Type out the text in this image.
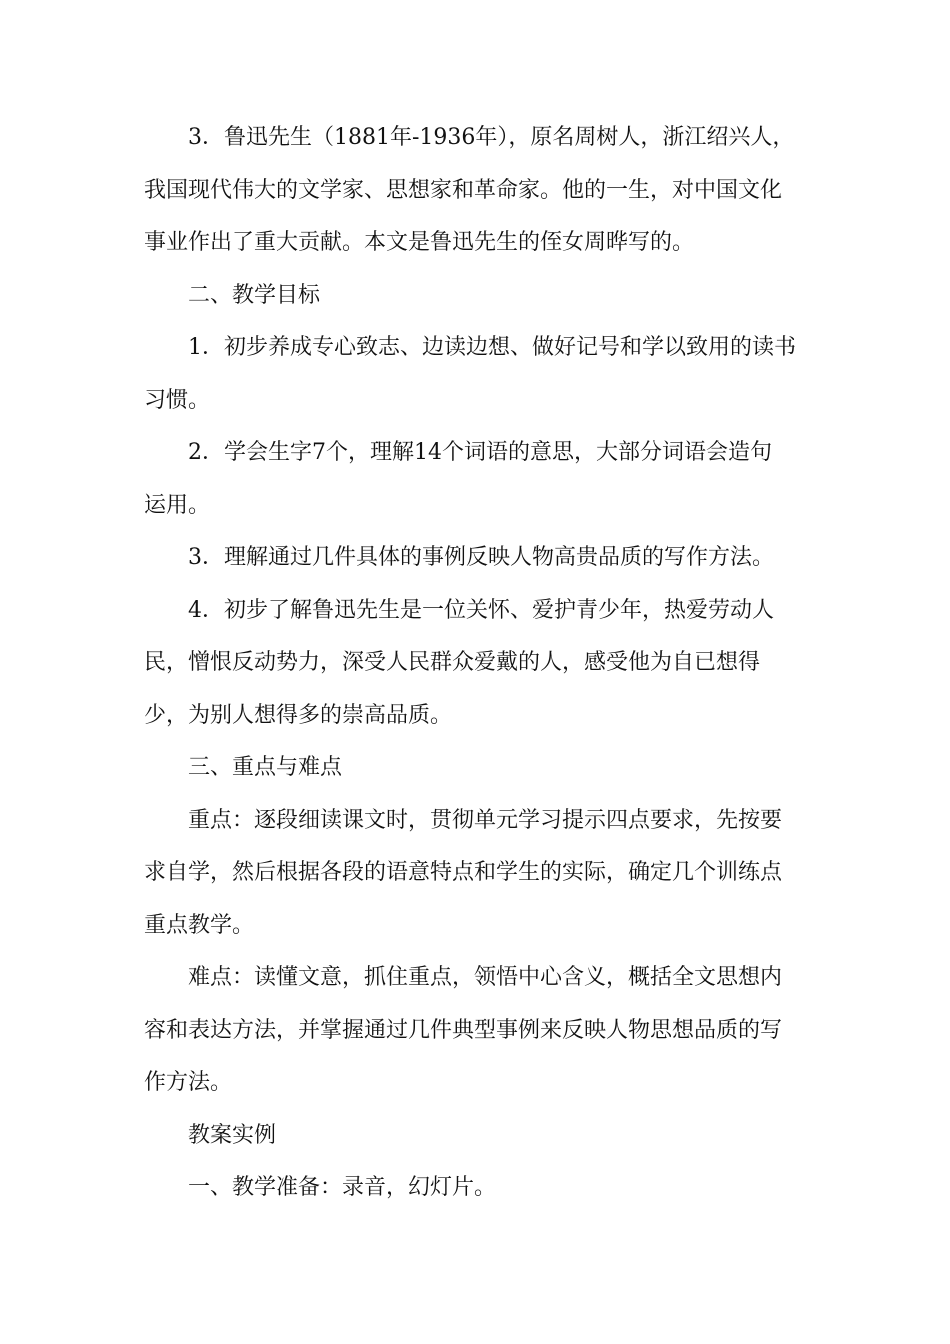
3．鲁迅先生（1881年-1936年），原名周树人，浙江绍兴人，
我国现代伟大的文学家、思想家和革命家。他的一生，对中国文化
事业作出了重大贡献。本文是鲁迅先生的侄女周晔写的。

二、教学目标

1．初步养成专心致志、边读边想、做好记号和学以致用的读书
习惯。

2．学会生字7个，理解14个词语的意思，大部分词语会造句
运用。

3．理解通过几件具体的事例反映人物高贵品质的写作方法。

4．初步了解鲁迅先生是一位关怀、爱护青少年，热爱劳动人
民，憎恨反动势力，深受人民群众爱戴的人，感受他为自已想得
少，为别人想得多的崇高品质。

三、重点与难点

重点：逐段细读课文时，贯彻单元学习提示四点要求，先按要
求自学，然后根据各段的语意特点和学生的实际，确定几个训练点
重点教学。

难点：读懂文意，抓住重点，领悟中心含义，概括全文思想内
容和表达方法，并掌握通过几件典型事例来反映人物思想品质的写
作方法。

教案实例

一、教学准备：录音，幻灯片。
